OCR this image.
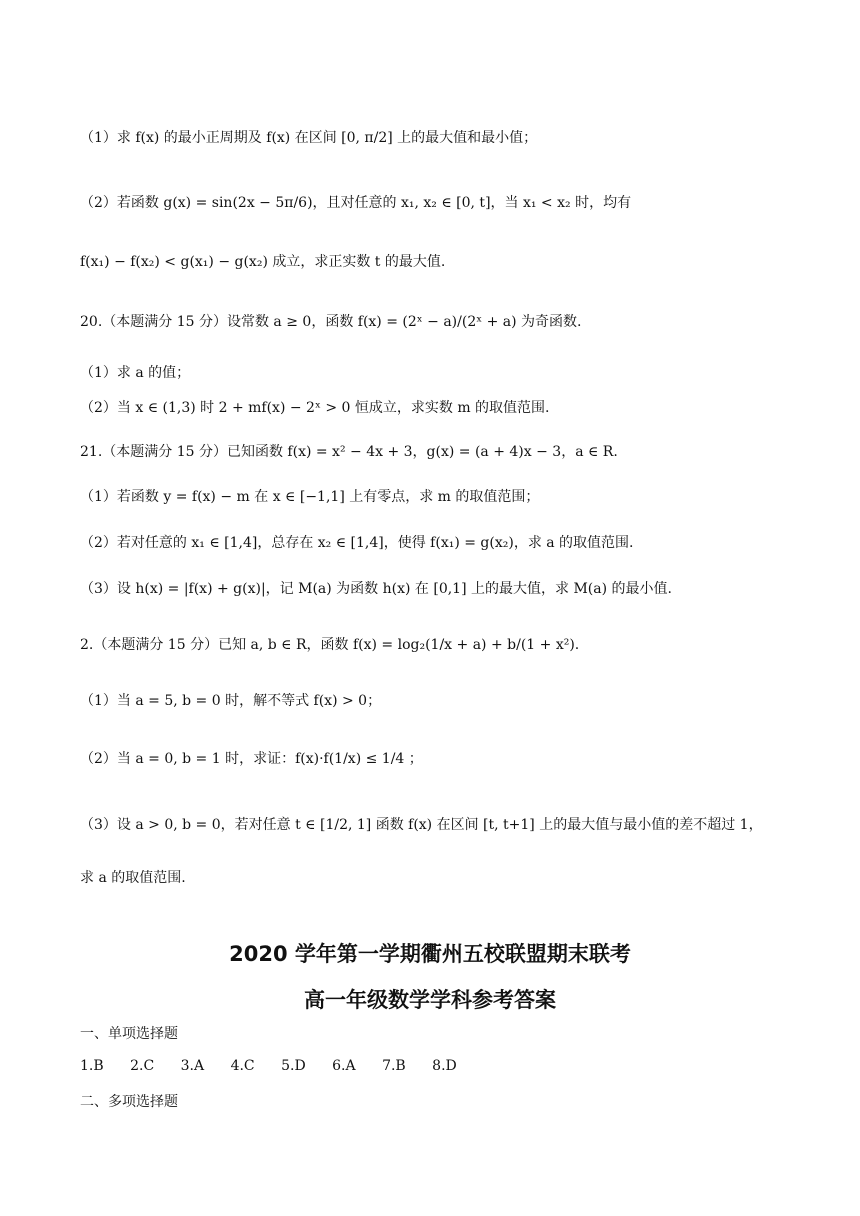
（1）求 f(x) 的最小正周期及 f(x) 在区间 [0, π/2] 上的最大值和最小值；
（2）若函数 g(x) = sin(2x − 5π/6)，且对任意的 x₁, x₂ ∈ [0, t]，当 x₁ < x₂ 时，均有
f(x₁) − f(x₂) < g(x₁) − g(x₂) 成立，求正实数 t 的最大值.
20.（本题满分 15 分）设常数 a ≥ 0，函数 f(x) = (2ˣ − a)/(2ˣ + a) 为奇函数.
（1）求 a 的值；
（2）当 x ∈ (1,3) 时 2 + mf(x) − 2ˣ > 0 恒成立，求实数 m 的取值范围.
21.（本题满分 15 分）已知函数 f(x) = x² − 4x + 3，g(x) = (a + 4)x − 3，a ∈ R.
（1）若函数 y = f(x) − m 在 x ∈ [−1,1] 上有零点，求 m 的取值范围；
（2）若对任意的 x₁ ∈ [1,4]，总存在 x₂ ∈ [1,4]，使得 f(x₁) = g(x₂)，求 a 的取值范围.
（3）设 h(x) = |f(x) + g(x)|，记 M(a) 为函数 h(x) 在 [0,1] 上的最大值，求 M(a) 的最小值.
2.（本题满分 15 分）已知 a, b ∈ R，函数 f(x) = log₂(1/x + a) + b/(1 + x²).
（1）当 a = 5, b = 0 时，解不等式 f(x) > 0；
（2）当 a = 0, b = 1 时，求证：f(x)·f(1/x) ≤ 1/4 ；
（3）设 a > 0, b = 0，若对任意 t ∈ [1/2, 1] 函数 f(x) 在区间 [t, t+1] 上的最大值与最小值的差不超过 1，
求 a 的取值范围.
2020 学年第一学期衢州五校联盟期末联考
高一年级数学学科参考答案
一、单项选择题
1.B 2.C 3.A 4.C 5.D 6.A 7.B 8.D
二、多项选择题
